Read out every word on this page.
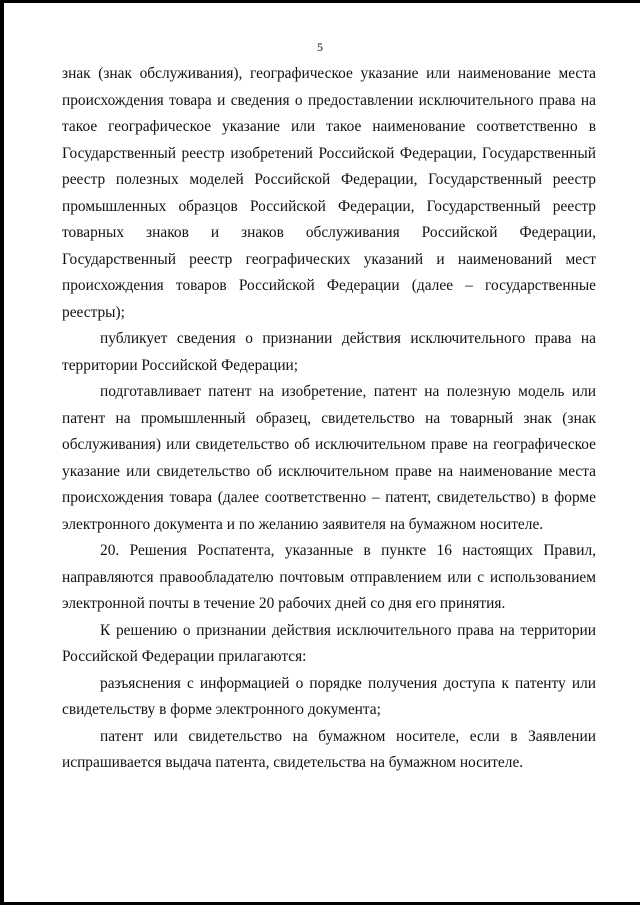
5

знак (знак обслуживания), географическое указание или наименование места происхождения товара и сведения о предоставлении исключительного права на такое географическое указание или такое наименование соответственно в Государственный реестр изобретений Российской Федерации, Государственный реестр полезных моделей Российской Федерации, Государственный реестр промышленных образцов Российской Федерации, Государственный реестр товарных знаков и знаков обслуживания Российской Федерации, Государственный реестр географических указаний и наименований мест происхождения товаров Российской Федерации (далее – государственные реестры);

публикует сведения о признании действия исключительного права на территории Российской Федерации;

подготавливает патент на изобретение, патент на полезную модель или патент на промышленный образец, свидетельство на товарный знак (знак обслуживания) или свидетельство об исключительном праве на географическое указание или свидетельство об исключительном праве на наименование места происхождения товара (далее соответственно – патент, свидетельство) в форме электронного документа и по желанию заявителя на бумажном носителе.

20. Решения Роспатента, указанные в пункте 16 настоящих Правил, направляются правообладателю почтовым отправлением или с использованием электронной почты в течение 20 рабочих дней со дня его принятия.

К решению о признании действия исключительного права на территории Российской Федерации прилагаются:

разъяснения с информацией о порядке получения доступа к патенту или свидетельству в форме электронного документа;

патент или свидетельство на бумажном носителе, если в Заявлении испрашивается выдача патента, свидетельства на бумажном носителе.
